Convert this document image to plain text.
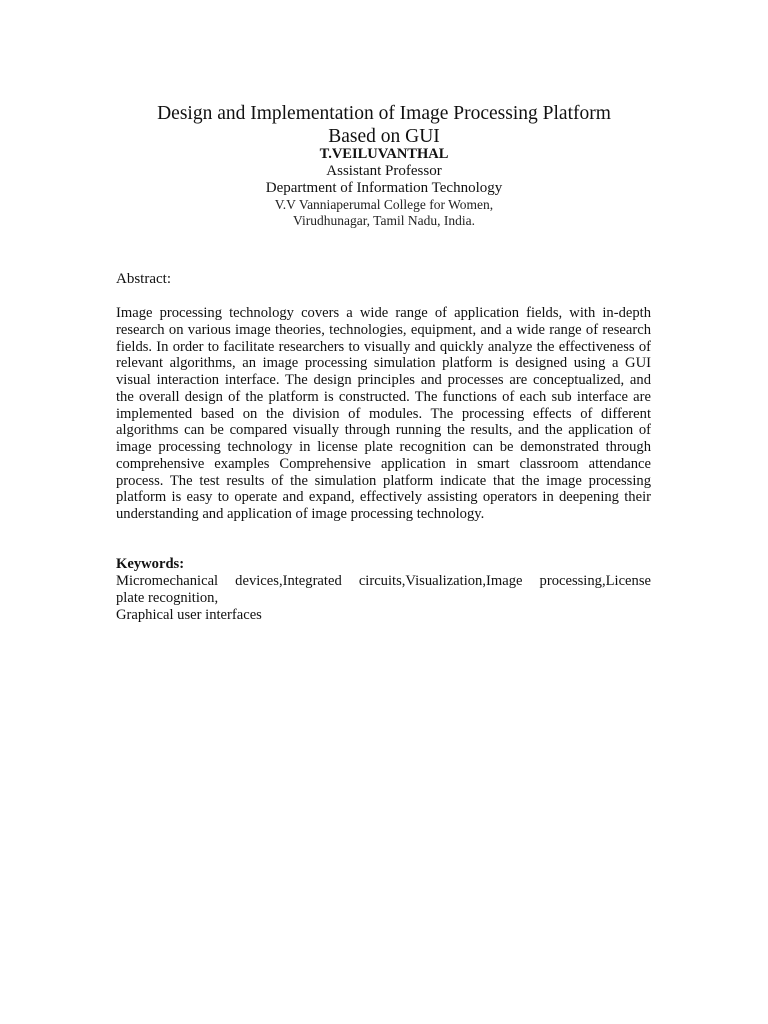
Design and Implementation of Image Processing Platform
Based on GUI
T.VEILUVANTHAL
Assistant Professor
Department of Information Technology
V.V Vanniaperumal College for Women,
Virudhunagar, Tamil Nadu, India.
Abstract:
Image processing technology covers a wide range of application fields, with in-depth research on various image theories, technologies, equipment, and a wide range of research fields. In order to facilitate researchers to visually and quickly analyze the effectiveness of relevant algorithms, an image processing simulation platform is designed using a GUI visual interaction interface. The design principles and processes are conceptualized, and the overall design of the platform is constructed. The functions of each sub interface are implemented based on the division of modules. The processing effects of different algorithms can be compared visually through running the results, and the application of image processing technology in license plate recognition can be demonstrated through comprehensive examples Comprehensive application in smart classroom attendance process. The test results of the simulation platform indicate that the image processing platform is easy to operate and expand, effectively assisting operators in deepening their understanding and application of image processing technology.
Keywords:
Micromechanical devices,Integrated circuits,Visualization,Image processing,License
plate recognition,
Graphical user interfaces
